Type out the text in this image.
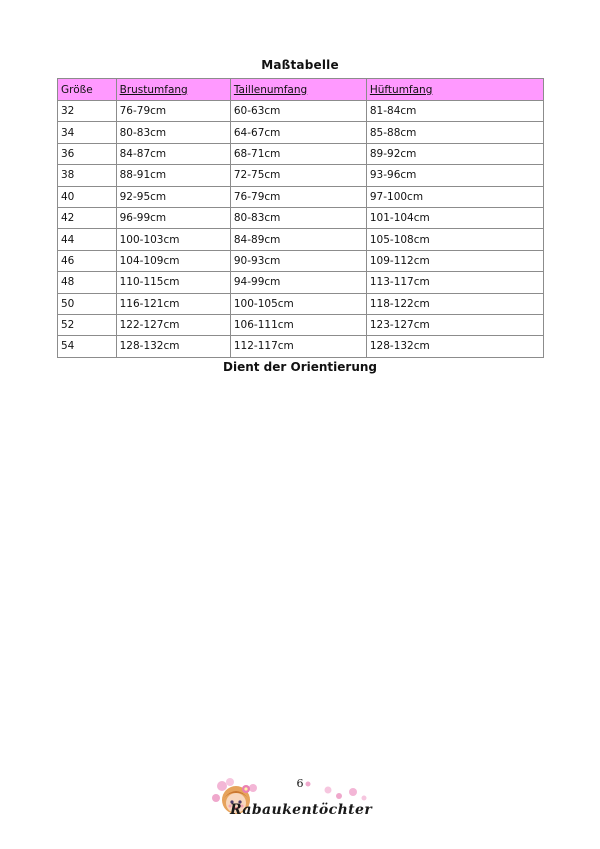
Maßtabelle
Größe	Brustumfang	Taillenumfang	Hüftumfang
32	76-79cm	60-63cm	81-84cm
34	80-83cm	64-67cm	85-88cm
36	84-87cm	68-71cm	89-92cm
38	88-91cm	72-75cm	93-96cm
40	92-95cm	76-79cm	97-100cm
42	96-99cm	80-83cm	101-104cm
44	100-103cm	84-89cm	105-108cm
46	104-109cm	90-93cm	109-112cm
48	110-115cm	94-99cm	113-117cm
50	116-121cm	100-105cm	118-122cm
52	122-127cm	106-111cm	123-127cm
54	128-132cm	112-117cm	128-132cm
Dient der Orientierung
6
Rabaukentöchter
